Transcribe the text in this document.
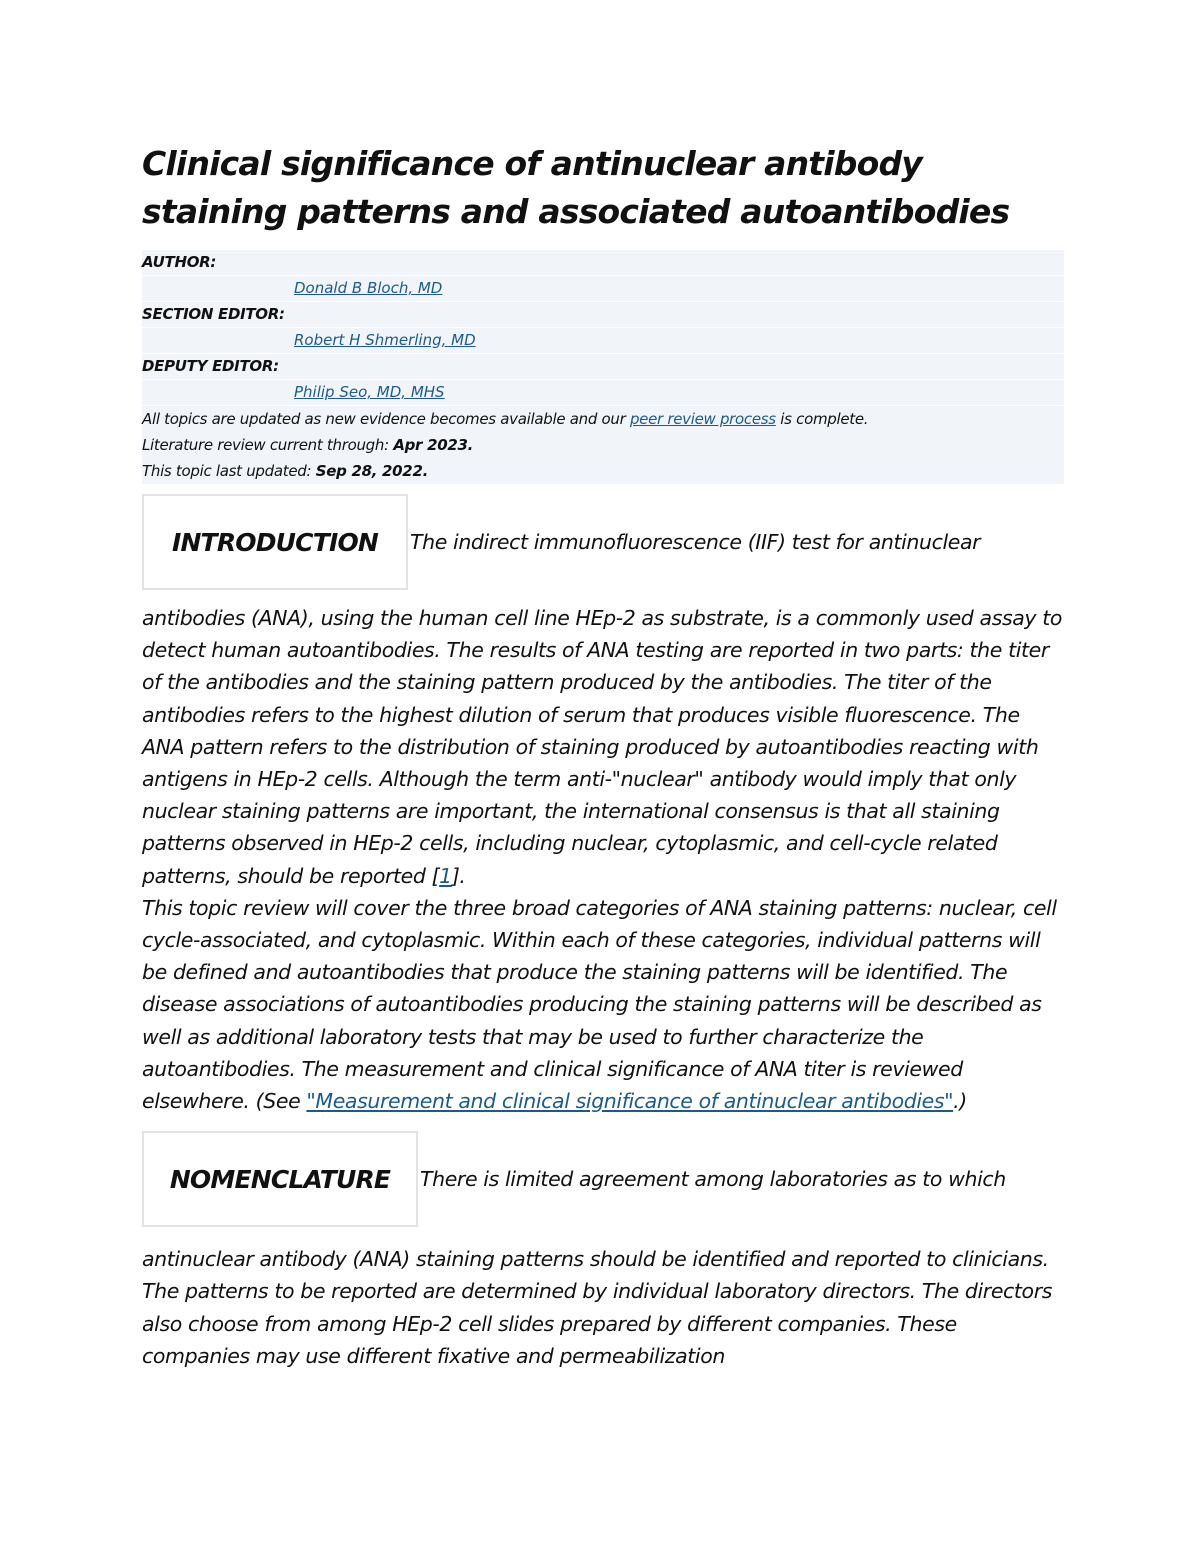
Clinical significance of antinuclear antibody staining patterns and associated autoantibodies
AUTHOR:
Donald B Bloch, MD
SECTION EDITOR:
Robert H Shmerling, MD
DEPUTY EDITOR:
Philip Seo, MD, MHS
All topics are updated as new evidence becomes available and our peer review process is complete.
Literature review current through: Apr 2023.
This topic last updated: Sep 28, 2022.
INTRODUCTION	The indirect immunofluorescence (IIF) test for antinuclear

antibodies (ANA), using the human cell line HEp-2 as substrate, is a commonly used assay to detect human autoantibodies. The results of ANA testing are reported in two parts: the titer of the antibodies and the staining pattern produced by the antibodies. The titer of the antibodies refers to the highest dilution of serum that produces visible fluorescence. The ANA pattern refers to the distribution of staining produced by autoantibodies reacting with antigens in HEp-2 cells. Although the term anti-"nuclear" antibody would imply that only nuclear staining patterns are important, the international consensus is that all staining patterns observed in HEp-2 cells, including nuclear, cytoplasmic, and cell-cycle related patterns, should be reported [1].

This topic review will cover the three broad categories of ANA staining patterns: nuclear, cell cycle-associated, and cytoplasmic. Within each of these categories, individual patterns will be defined and autoantibodies that produce the staining patterns will be identified. The disease associations of autoantibodies producing the staining patterns will be described as well as additional laboratory tests that may be used to further characterize the autoantibodies. The measurement and clinical significance of ANA titer is reviewed elsewhere. (See "Measurement and clinical significance of antinuclear antibodies".)

NOMENCLATURE	There is limited agreement among laboratories as to which

antinuclear antibody (ANA) staining patterns should be identified and reported to clinicians. The patterns to be reported are determined by individual laboratory directors. The directors also choose from among HEp-2 cell slides prepared by different companies. These companies may use different fixative and permeabilization
